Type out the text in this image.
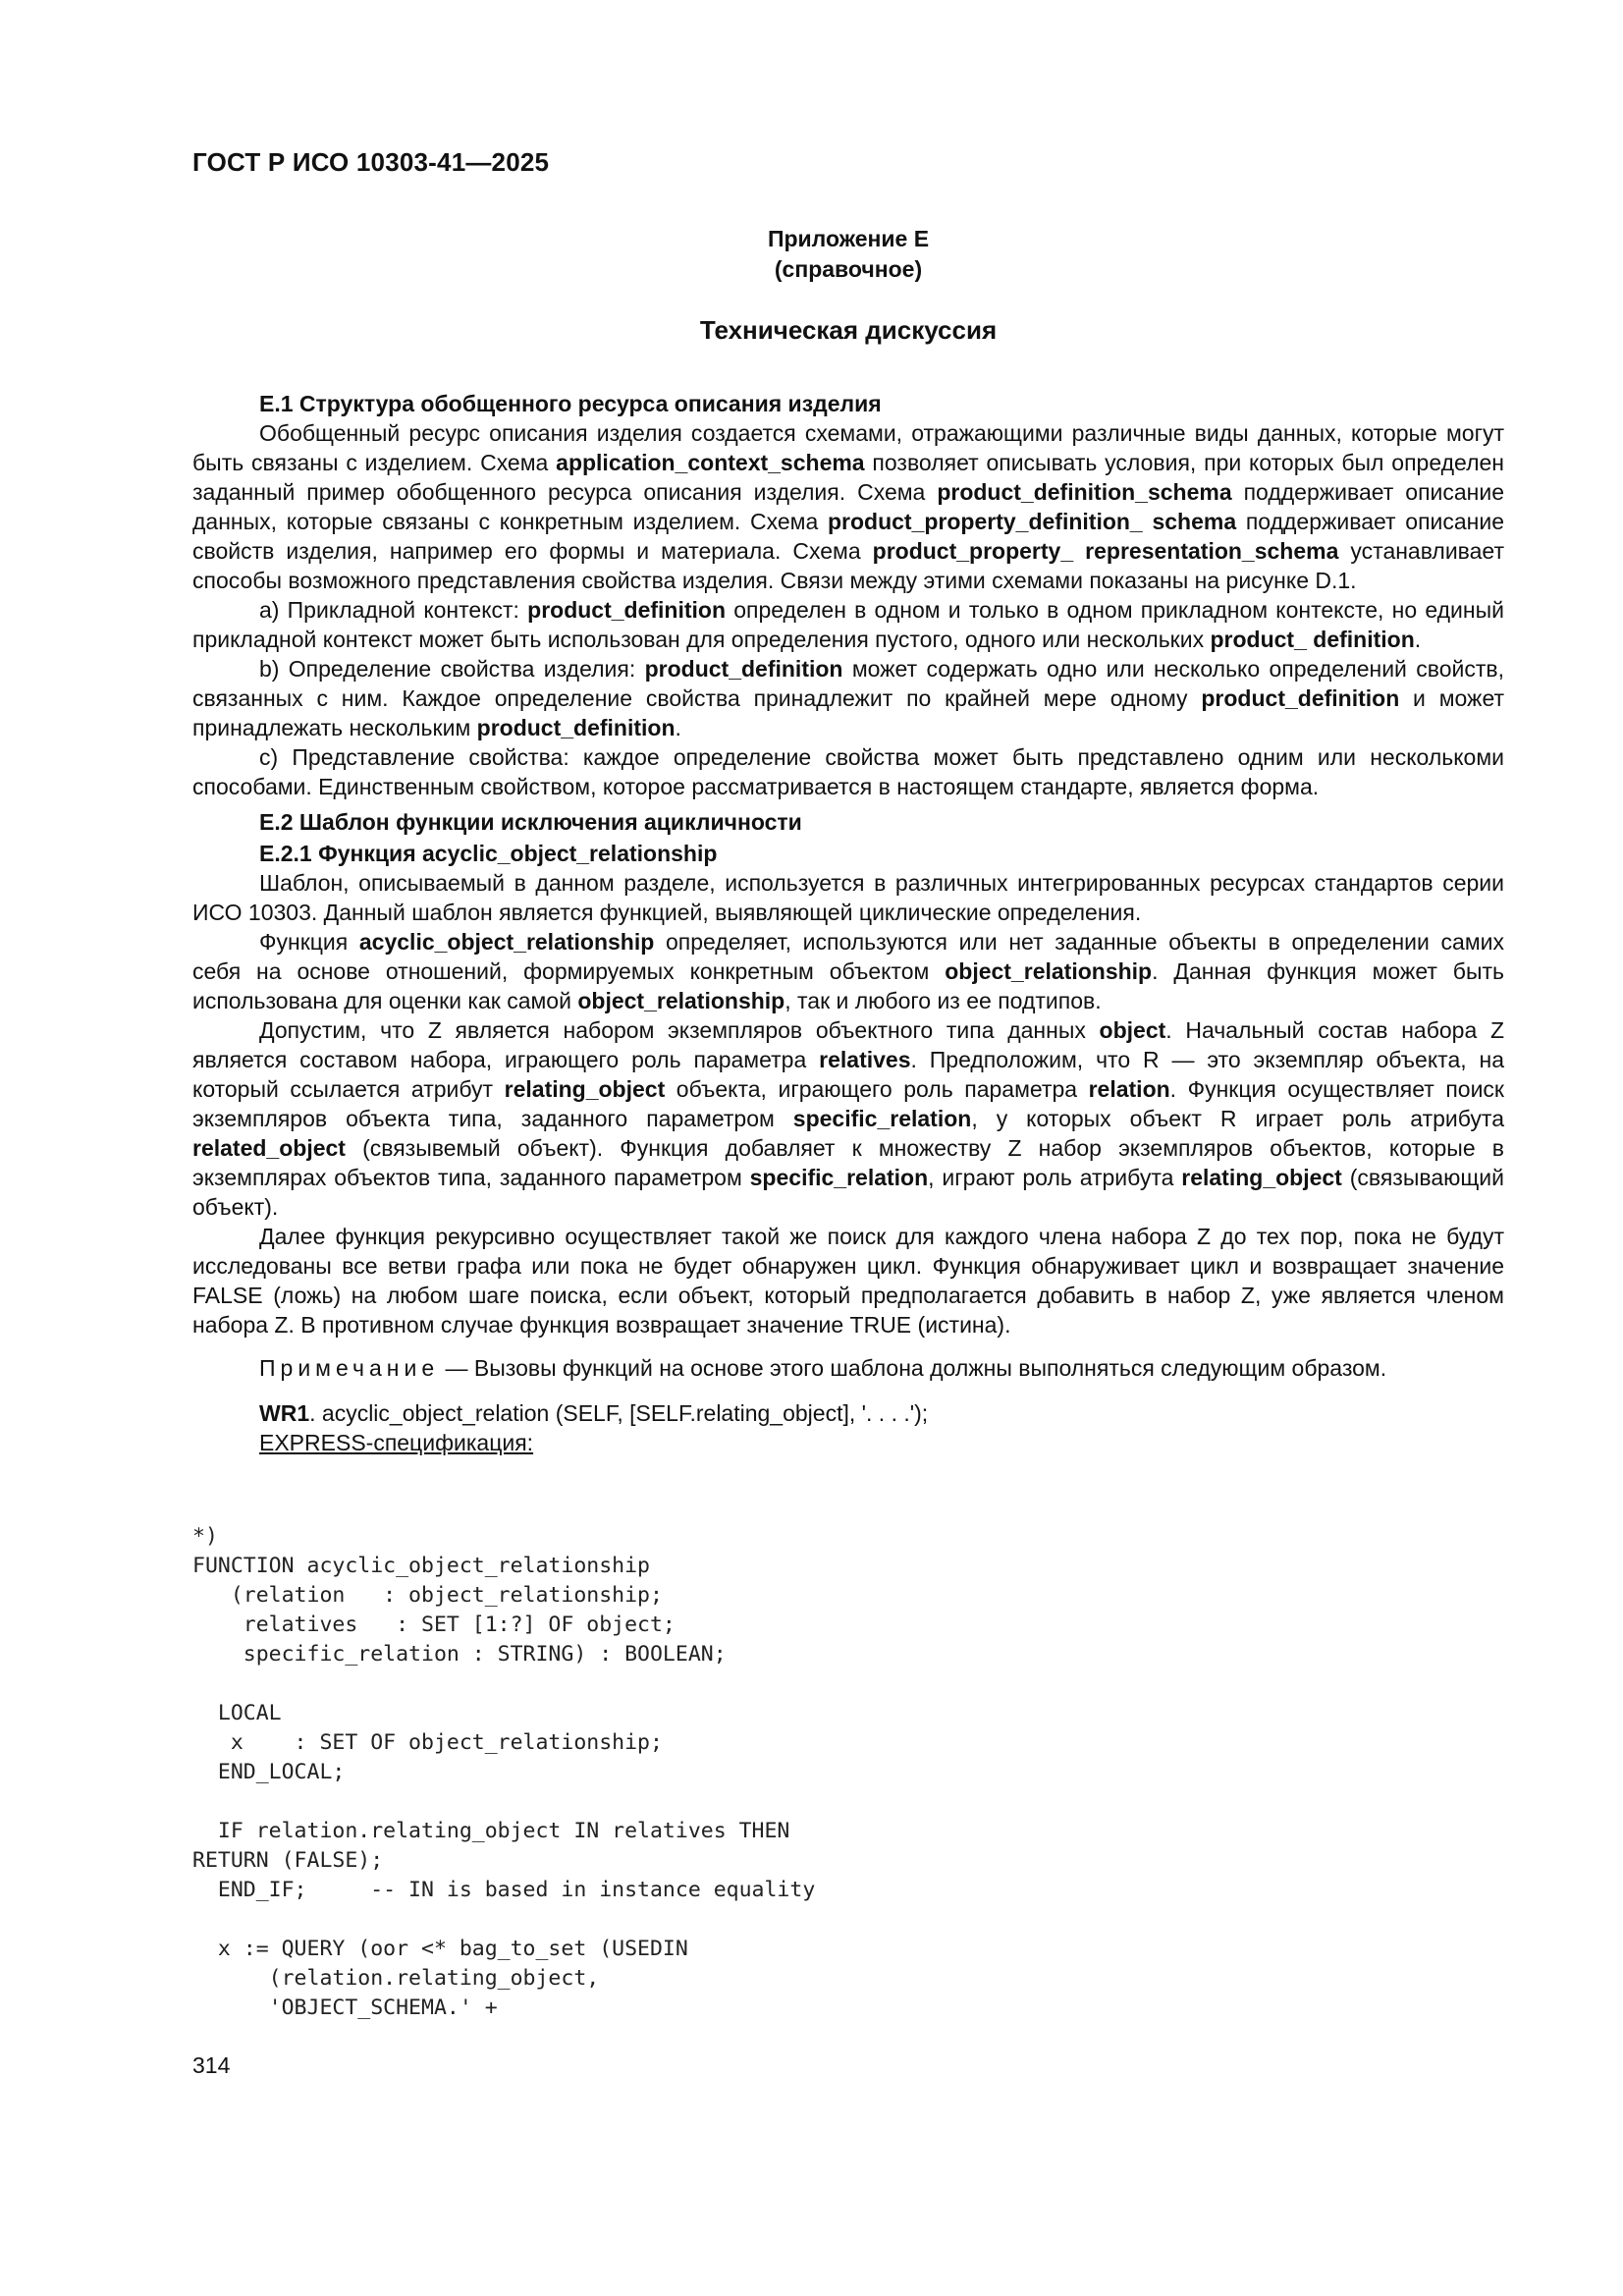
ГОСТ Р ИСО 10303-41—2025
Приложение E
(справочное)
Техническая дискуссия

E.1 Структура обобщенного ресурса описания изделия

Обобщенный ресурс описания изделия создается схемами, отражающими различные виды данных, которые могут быть связаны с изделием. Схема application_context_schema позволяет описывать условия, при которых был определен заданный пример обобщенного ресурса описания изделия. Схема product_definition_schema поддерживает описание данных, которые связаны с конкретным изделием. Схема product_property_definition_ schema поддерживает описание свойств изделия, например его формы и материала. Схема product_property_ representation_schema устанавливает способы возможного представления свойства изделия. Связи между этими схемами показаны на рисунке D.1.

a) Прикладной контекст: product_definition определен в одном и только в одном прикладном контексте, но единый прикладной контекст может быть использован для определения пустого, одного или нескольких product_ definition.

b) Определение свойства изделия: product_definition может содержать одно или несколько определений свойств, связанных с ним. Каждое определение свойства принадлежит по крайней мере одному product_definition и может принадлежать нескольким product_definition.

c) Представление свойства: каждое определение свойства может быть представлено одним или несколькоми способами. Единственным свойством, которое рассматривается в настоящем стандарте, является форма.

E.2 Шаблон функции исключения ацикличности

E.2.1 Функция acyclic_object_relationship

Шаблон, описываемый в данном разделе, используется в различных интегрированных ресурсах стандартов серии ИСО 10303. Данный шаблон является функцией, выявляющей циклические определения.

Функция acyclic_object_relationship определяет, используются или нет заданные объекты в определении самих себя на основе отношений, формируемых конкретным объектом object_relationship. Данная функция может быть использована для оценки как самой object_relationship, так и любого из ее подтипов.

Допустим, что Z является набором экземпляров объектного типа данных object. Начальный состав набора Z является составом набора, играющего роль параметра relatives. Предположим, что R — это экземпляр объекта, на который ссылается атрибут relating_object объекта, играющего роль параметра relation. Функция осуществляет поиск экземпляров объекта типа, заданного параметром specific_relation, у которых объект R играет роль атрибута related_object (связывемый объект). Функция добавляет к множеству Z набор экземпляров объектов, которые в экземплярах объектов типа, заданного параметром specific_relation, играют роль атрибута relating_object (связывающий объект).

Далее функция рекурсивно осуществляет такой же поиск для каждого члена набора Z до тех пор, пока не будут исследованы все ветви графа или пока не будет обнаружен цикл. Функция обнаруживает цикл и возвращает значение FALSE (ложь) на любом шаге поиска, если объект, который предполагается добавить в набор Z, уже является членом набора Z. В противном случае функция возвращает значение TRUE (истина).

Примечание — Вызовы функций на основе этого шаблона должны выполняться следующим образом.

WR1. acyclic_object_relation (SELF, [SELF.relating_object], '. . . .');

EXPRESS-спецификация:

*)
FUNCTION acyclic_object_relationship
(relation   : object_relationship;
relatives   : SET [1:?] OF object;
specific_relation : STRING) : BOOLEAN;
LOCAL
x    : SET OF object_relationship;
END_LOCAL;
IF relation.relating_object IN relatives THEN
RETURN (FALSE);
END_IF;     -- IN is based in instance equality
x := QUERY (oor <* bag_to_set (USEDIN
(relation.relating_object,
'OBJECT_SCHEMA.' +
314
